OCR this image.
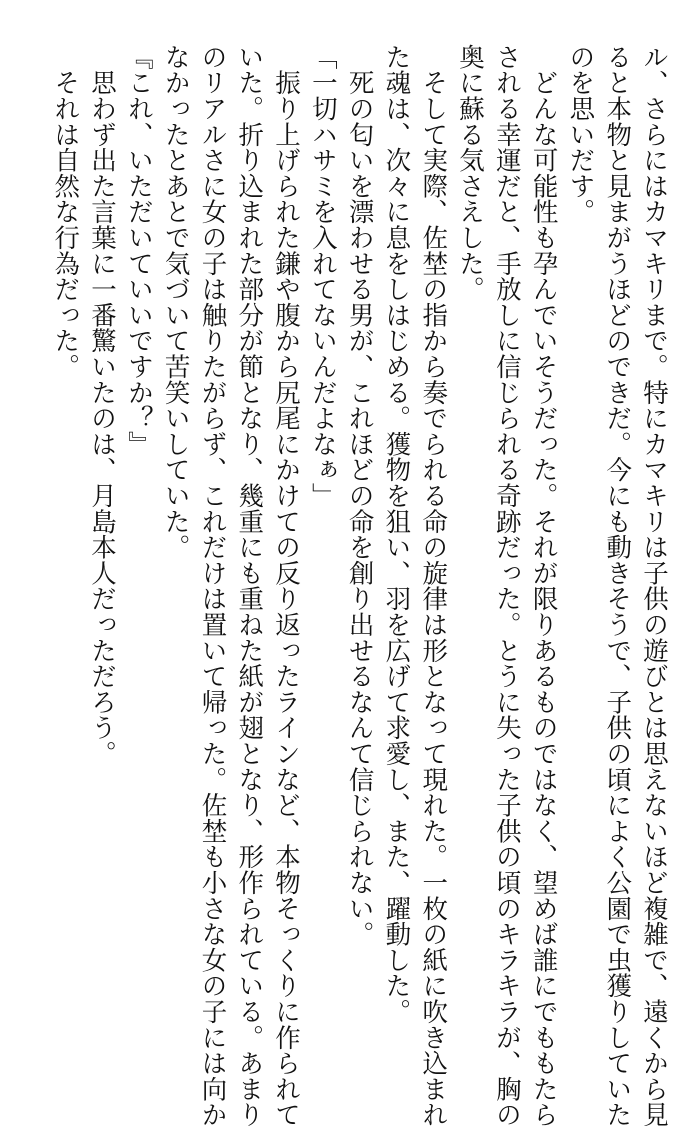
ル、さらにはカマキリまで。特にカマキリは子供の遊びとは思えないほど複雑で、遠くから見

ると本物と見まがうほどのできだ。今にも動きそうで、子供の頃によく公園で虫獲りしていた

のを思いだす。

　どんな可能性も孕んでいそうだった。それが限りあるものではなく、望めば誰にでももたら

される幸運だと、手放しに信じられる奇跡だった。とうに失った子供の頃のキラキラが、胸の

奥に蘇る気さえした。

　そして実際、佐埜の指から奏でられる命の旋律は形となって現れた。一枚の紙に吹き込まれ

た魂は、次々に息をしはじめる。獲物を狙い、羽を広げて求愛し、また、躍動した。

　死の匂いを漂わせる男が、これほどの命を創り出せるなんて信じられない。

「一切ハサミを入れてないんだよなぁ」

　振り上げられた鎌や腹から尻尾にかけての反り返ったラインなど、本物そっくりに作られて

いた。折り込まれた部分が節となり、幾重にも重ねた紙が翅となり、形作られている。あまり

のリアルさに女の子は触りたがらず、これだけは置いて帰った。佐埜も小さな女の子には向か

なかったとあとで気づいて苦笑いしていた。

『これ、いただいていいですか？』

　思わず出た言葉に一番驚いたのは、月島本人だっただろう。

　それは自然な行為だった。
